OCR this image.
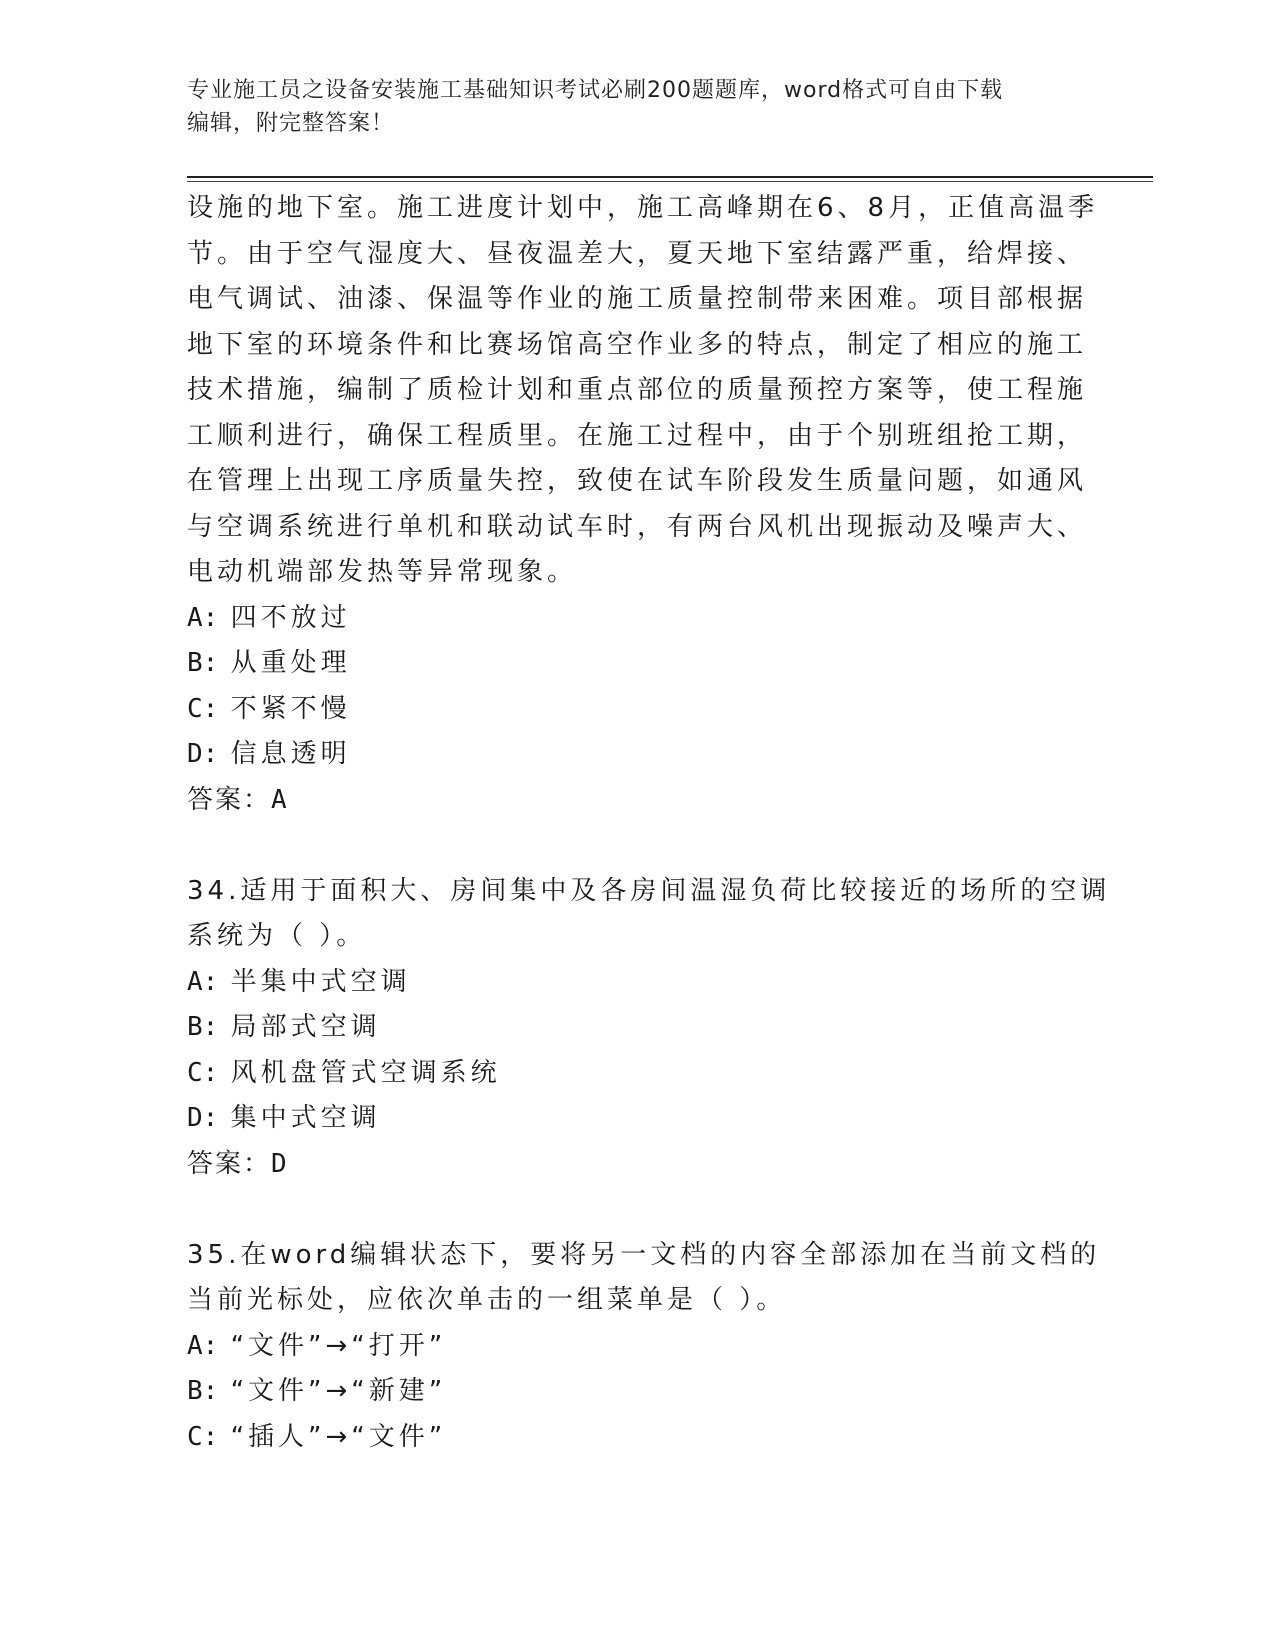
专业施工员之设备安装施工基础知识考试必刷200题题库，word格式可自由下载
编辑，附完整答案！
设施的地下室。施工进度计划中，施工高峰期在6、8月，正值高温季
节。由于空气湿度大、昼夜温差大，夏天地下室结露严重，给焊接、
电气调试、油漆、保温等作业的施工质量控制带来困难。项目部根据
地下室的环境条件和比赛场馆高空作业多的特点，制定了相应的施工
技术措施，编制了质检计划和重点部位的质量预控方案等，使工程施
工顺利进行，确保工程质里。在施工过程中，由于个别班组抢工期，
在管理上出现工序质量失控，致使在试车阶段发生质量问题，如通风
与空调系统进行单机和联动试车时，有两台风机出现振动及噪声大、
电动机端部发热等异常现象。
A: 四不放过
B: 从重处理
C: 不紧不慢
D: 信息透明
答案：A
34.适用于面积大、房间集中及各房间温湿负荷比较接近的场所的空调
系统为（ ）。
A: 半集中式空调
B: 局部式空调
C: 风机盘管式空调系统
D: 集中式空调
答案：D
35.在word编辑状态下，要将另一文档的内容全部添加在当前文档的
当前光标处，应依次单击的一组菜单是（ ）。
A: “文件”→“打开”
B: “文件”→“新建”
C: “插人”→“文件”
